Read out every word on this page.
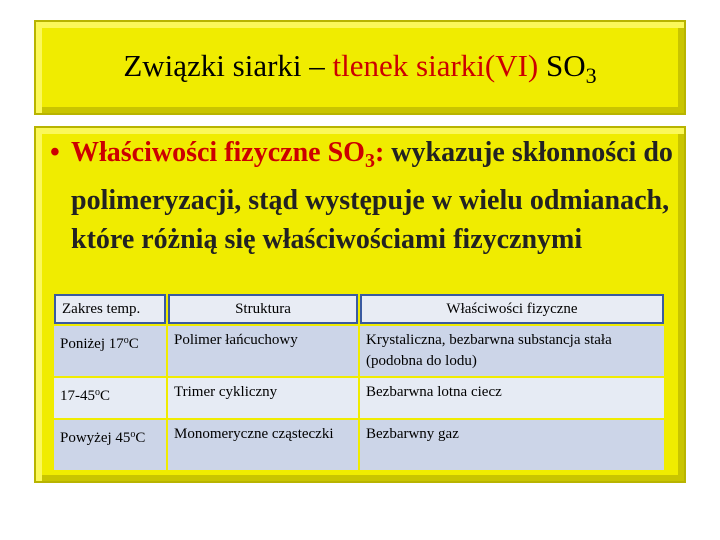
Związki siarki – tlenek siarki(VI) $SO_3$

• Właściwości fizyczne $SO_3$: wykazuje skłonności do polimeryzacji, stąd występuje w wielu odmianach, które różnią się właściwościami fizycznymi

Zakres temp.	Struktura	Właściwości fizyczne
Poniżej 17$^o$C	Polimer łańcuchowy	Krystaliczna, bezbarwna substancja stała (podobna do lodu)
17-45$^o$C	Trimer cykliczny	Bezbarwna lotna ciecz
Powyżej 45$^o$C	Monomeryczne cząsteczki	Bezbarwny gaz
